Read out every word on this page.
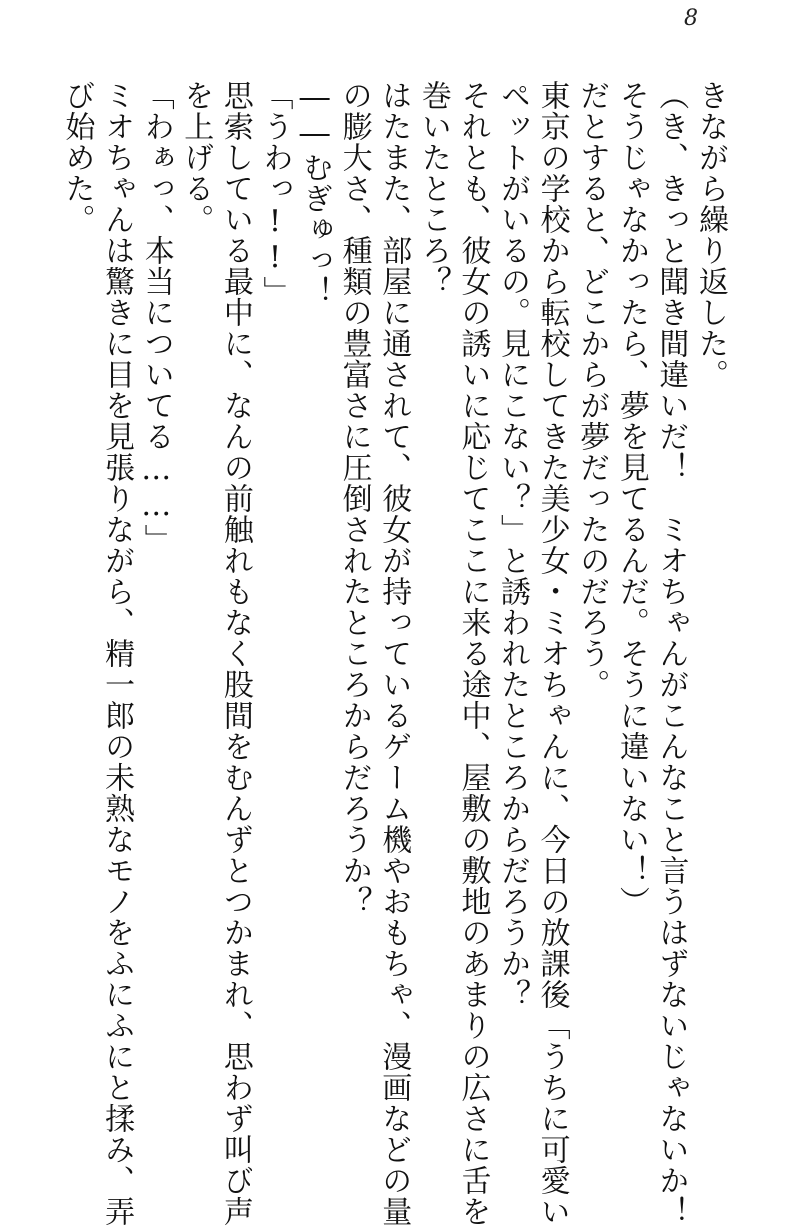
8
きながら繰り返した。
（き、きっと聞き間違いだ！　ミオちゃんがこんなこと言うはずないじゃないか！
そうじゃなかったら、夢を見てるんだ。そうに違いない！）
だとすると、どこからが夢だったのだろう。
東京の学校から転校してきた美少女・ミオちゃんに、今日の放課後「うちに可愛い
ペットがいるの。見にこない？」と誘われたところからだろうか？
それとも、彼女の誘いに応じてここに来る途中、屋敷の敷地のあまりの広さに舌を
巻いたところ？
はたまた、部屋に通されて、彼女が持っているゲーム機やおもちゃ、漫画などの量
の膨大さ、種類の豊富さに圧倒されたところからだろうか？
――むぎゅっ！
「うわっ!!」
思索している最中に、なんの前触れもなく股間をむんずとつかまれ、思わず叫び声
を上げる。
「わぁっ、本当についてる……」
ミオちゃんは驚きに目を見張りながら、精一郎の未熟なモノをふにふにと揉み、弄
び始めた。
